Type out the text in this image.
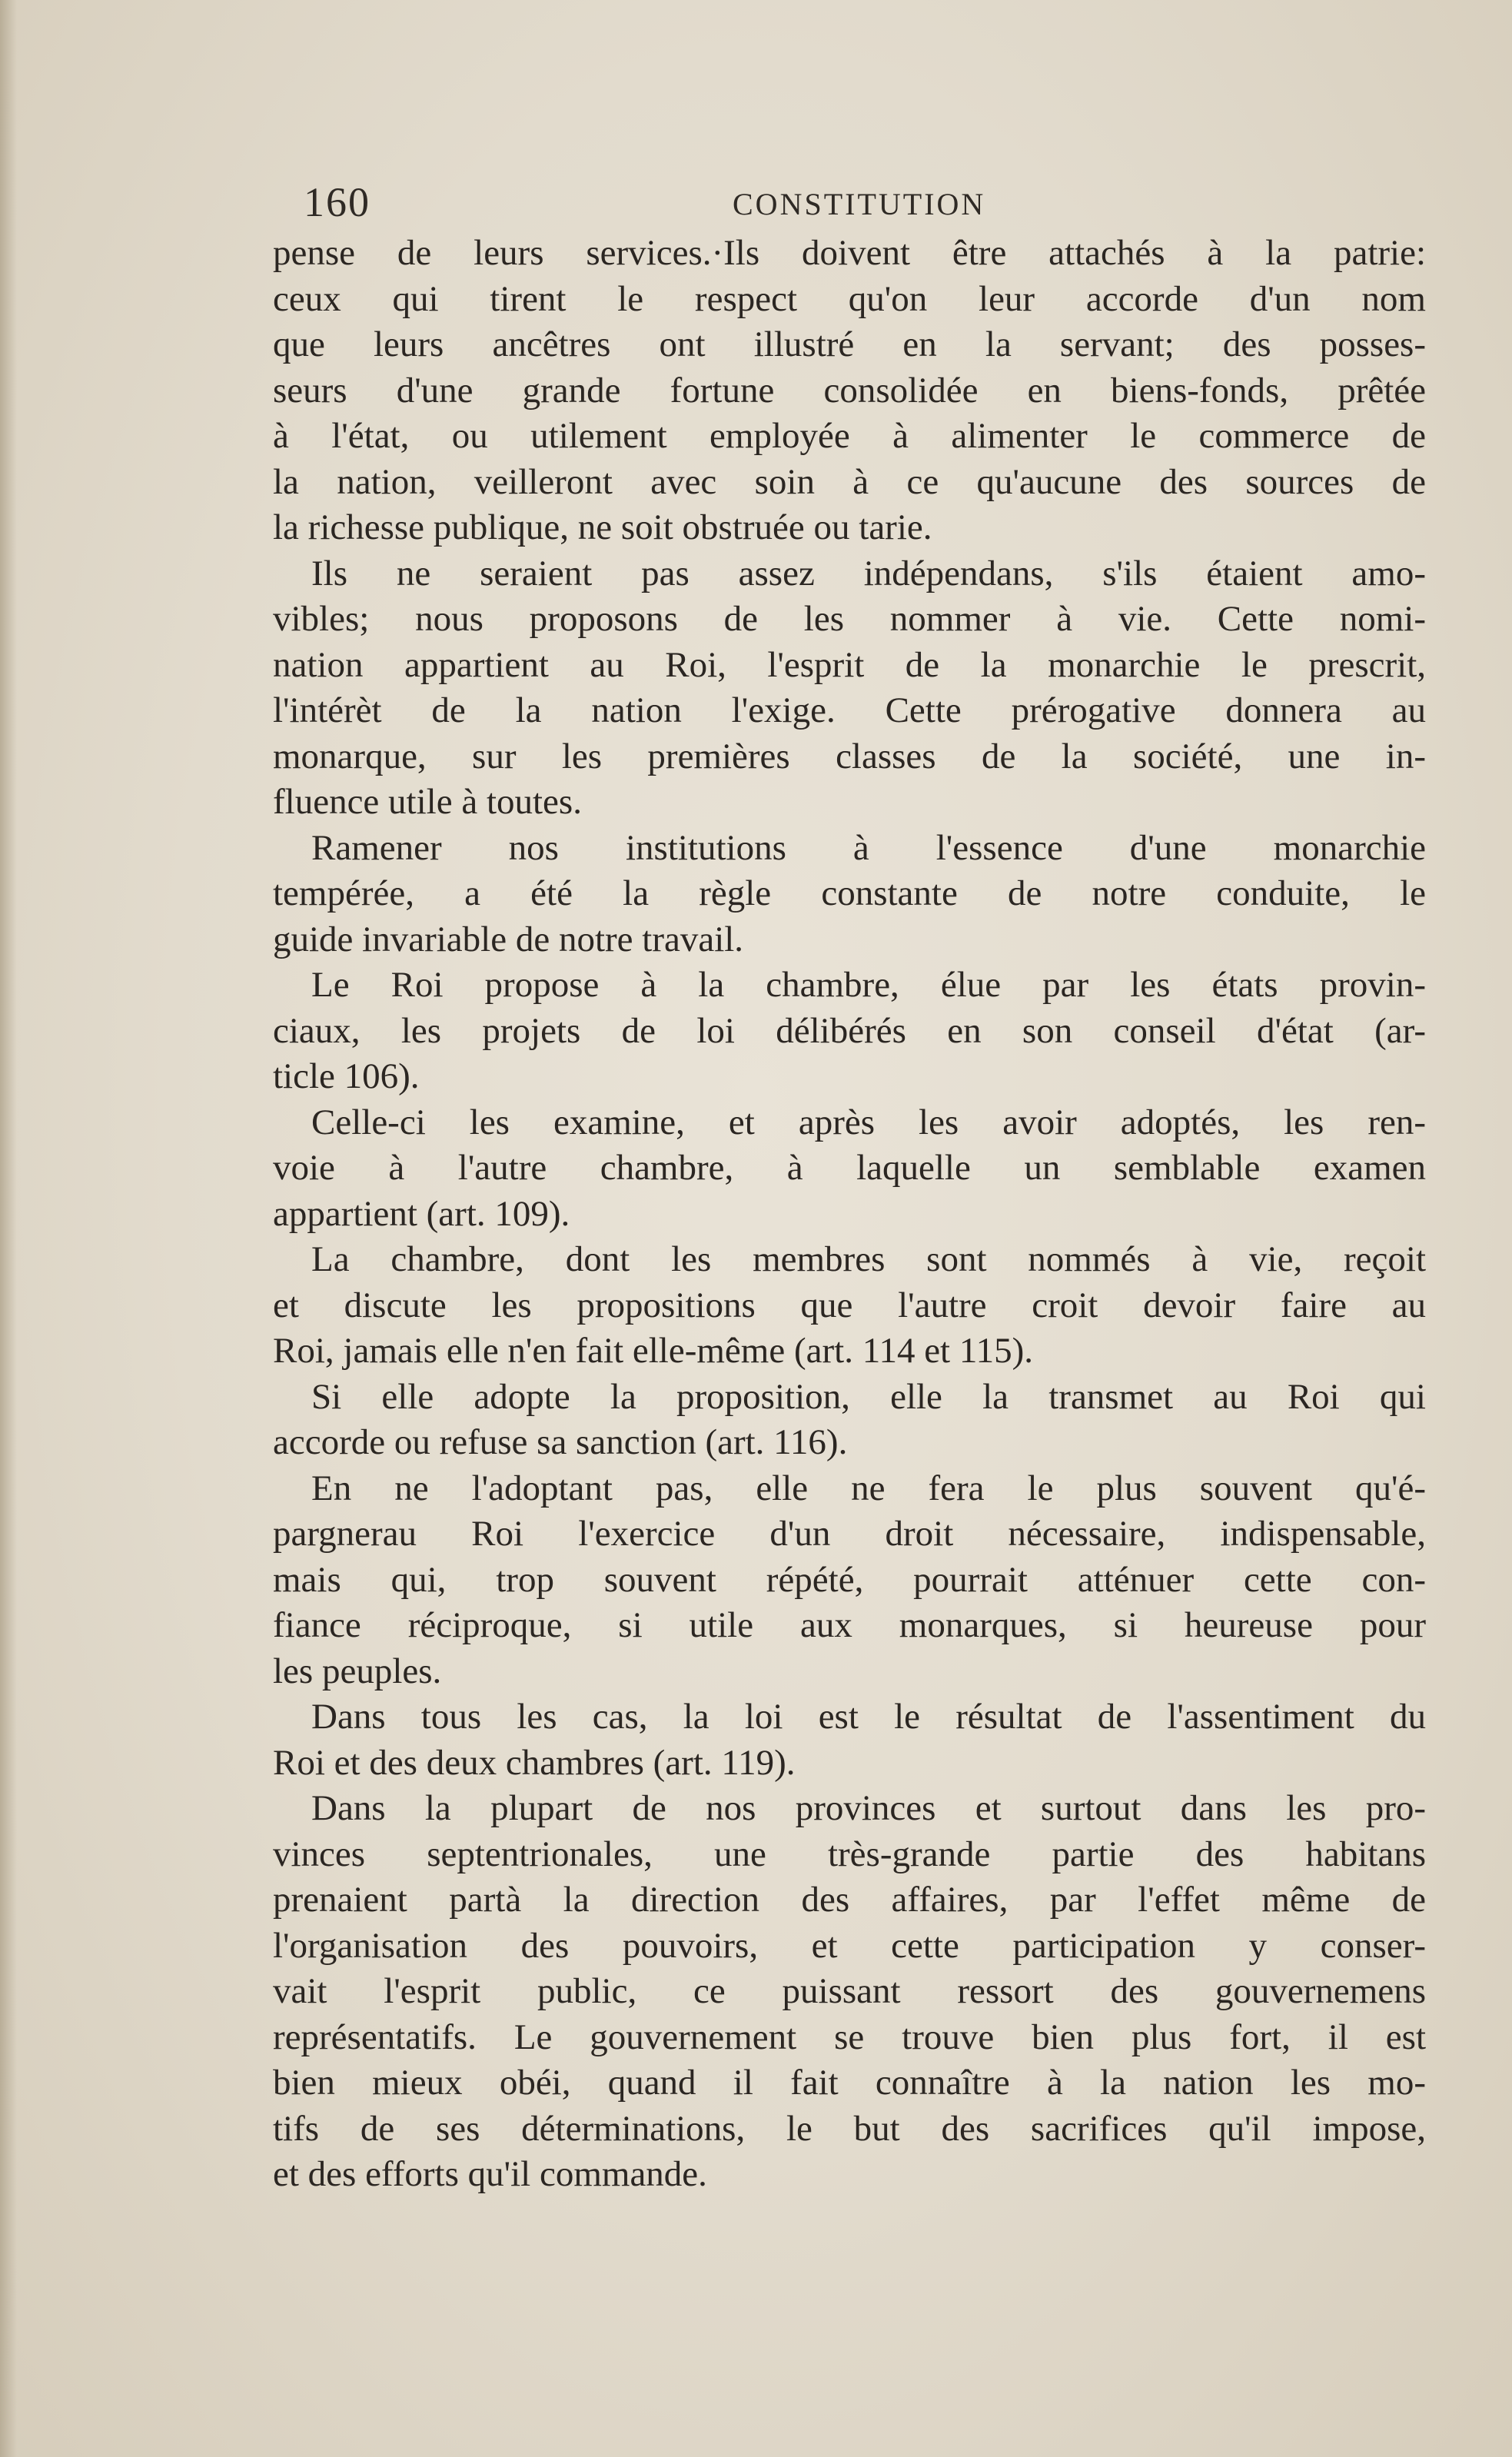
160	CONSTITUTION
pense de leurs services.·Ils doivent être attachés à la patrie:
ceux qui tirent le respect qu'on leur accorde d'un nom
que leurs ancêtres ont illustré en la servant; des posses-
seurs d'une grande fortune consolidée en biens-fonds, prêtée
à l'état, ou utilement employée à alimenter le commerce de
la nation, veilleront avec soin à ce qu'aucune des sources de
la richesse publique, ne soit obstruée ou tarie.
Ils ne seraient pas assez indépendans, s'ils étaient amo-
vibles; nous proposons de les nommer à vie. Cette nomi-
nation appartient au Roi, l'esprit de la monarchie le prescrit,
l'intérèt de la nation l'exige. Cette prérogative donnera au
monarque, sur les premières classes de la société, une in-
fluence utile à toutes.
Ramener nos institutions à l'essence d'une monarchie
tempérée, a été la règle constante de notre conduite, le
guide invariable de notre travail.
Le Roi propose à la chambre, élue par les états provin-
ciaux, les projets de loi délibérés en son conseil d'état (ar-
ticle 106).
Celle-ci les examine, et après les avoir adoptés, les ren-
voie à l'autre chambre, à laquelle un semblable examen
appartient (art. 109).
La chambre, dont les membres sont nommés à vie, reçoit
et discute les propositions que l'autre croit devoir faire au
Roi, jamais elle n'en fait elle-même (art. 114 et 115).
Si elle adopte la proposition, elle la transmet au Roi qui
accorde ou refuse sa sanction (art. 116).
En ne l'adoptant pas, elle ne fera le plus souvent qu'é-
pargnerau Roi l'exercice d'un droit nécessaire, indispensable,
mais qui, trop souvent répété, pourrait atténuer cette con-
fiance réciproque, si utile aux monarques, si heureuse pour
les peuples.
Dans tous les cas, la loi est le résultat de l'assentiment du
Roi et des deux chambres (art. 119).
Dans la plupart de nos provinces et surtout dans les pro-
vinces septentrionales, une très-grande partie des habitans
prenaient partà la direction des affaires, par l'effet même de
l'organisation des pouvoirs, et cette participation y conser-
vait l'esprit public, ce puissant ressort des gouvernemens
représentatifs. Le gouvernement se trouve bien plus fort, il est
bien mieux obéi, quand il fait connaître à la nation les mo-
tifs de ses déterminations, le but des sacrifices qu'il impose,
et des efforts qu'il commande.
